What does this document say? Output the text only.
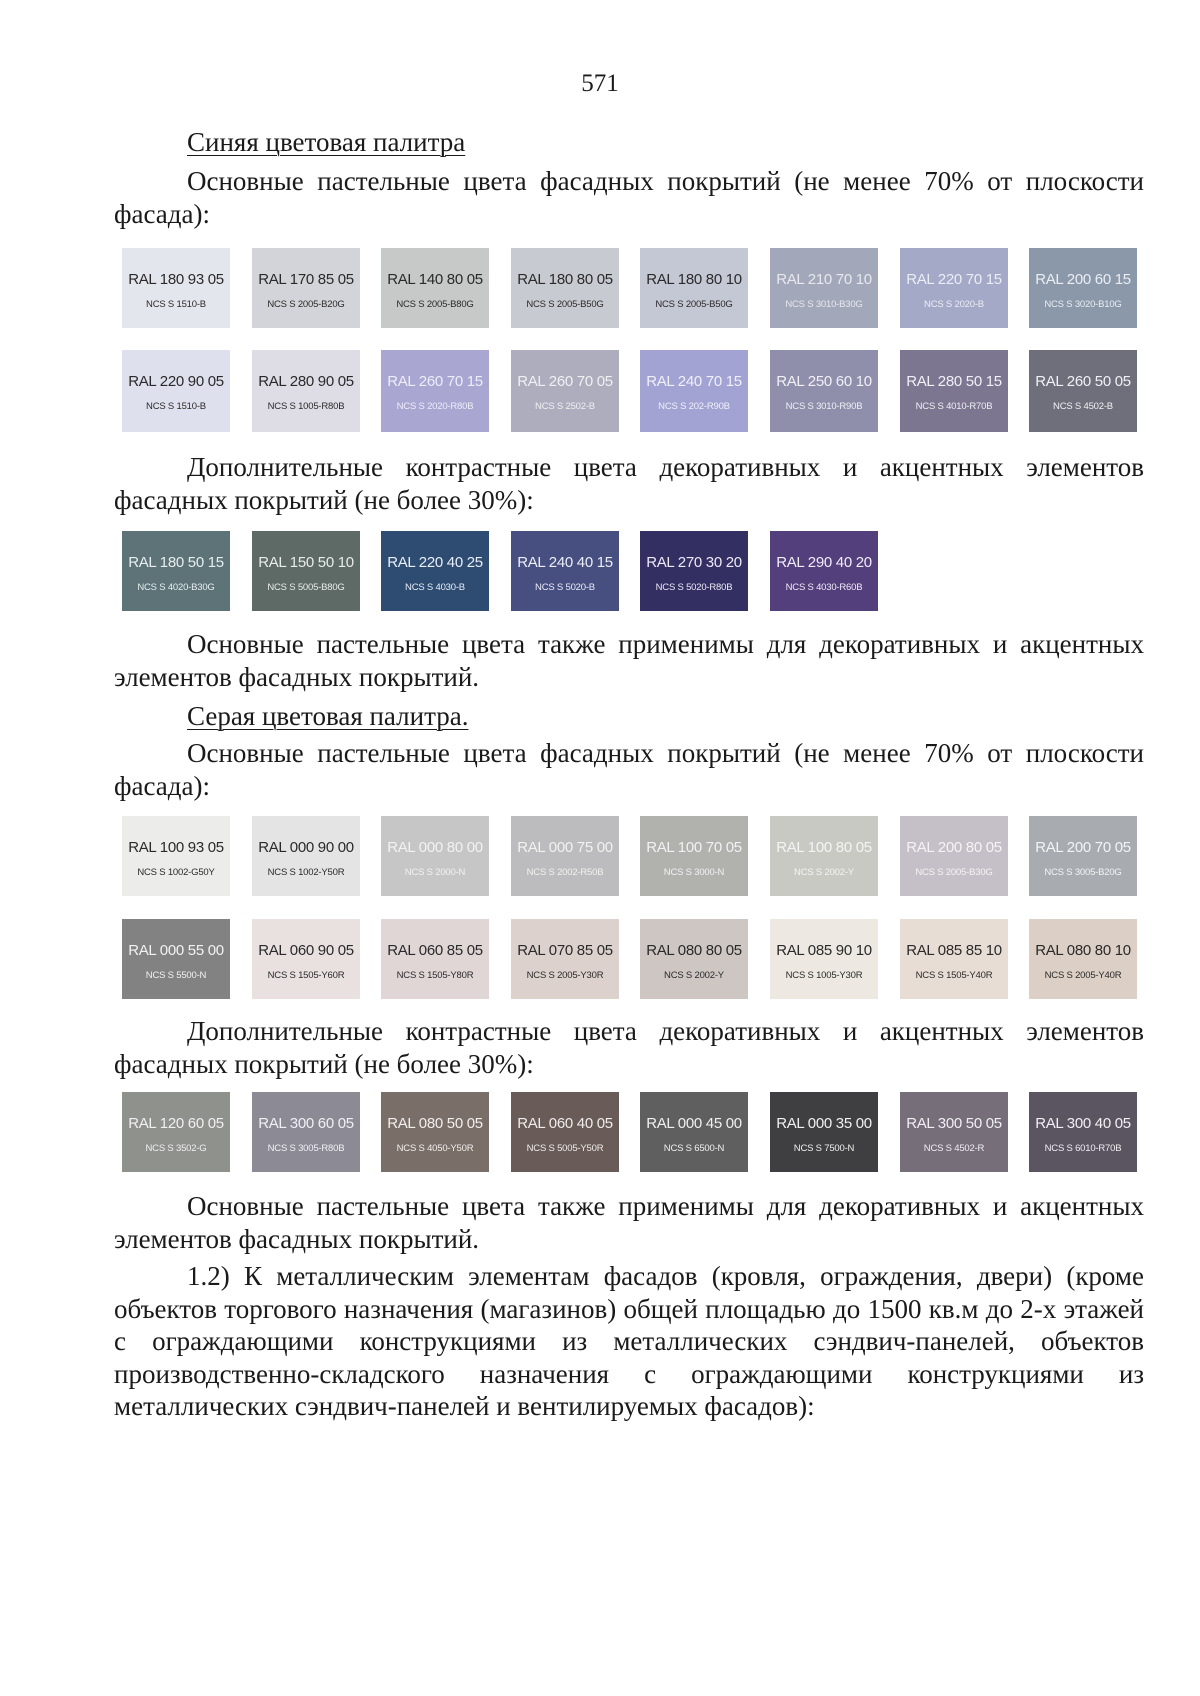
571
Синяя цветовая палитра

Основные пастельные цвета фасадных покрытий (не менее 70% от плоскости фасада):

RAL 180 93 05
NCS S 1510-B
RAL 170 85 05
NCS S 2005-B20G
RAL 140 80 05
NCS S 2005-B80G
RAL 180 80 05
NCS S 2005-B50G
RAL 180 80 10
NCS S 2005-B50G
RAL 210 70 10
NCS S 3010-B30G
RAL 220 70 15
NCS S 2020-B
RAL 200 60 15
NCS S 3020-B10G
RAL 220 90 05
NCS S 1510-B
RAL 280 90 05
NCS S 1005-R80B
RAL 260 70 15
NCS S 2020-R80B
RAL 260 70 05
NCS S 2502-B
RAL 240 70 15
NCS S 202-R90B
RAL 250 60 10
NCS S 3010-R90B
RAL 280 50 15
NCS S 4010-R70B
RAL 260 50 05
NCS S 4502-B

Дополнительные контрастные цвета декоративных и акцентных элементов фасадных покрытий (не более 30%):

RAL 180 50 15
NCS S 4020-B30G
RAL 150 50 10
NCS S 5005-B80G
RAL 220 40 25
NCS S 4030-B
RAL 240 40 15
NCS S 5020-B
RAL 270 30 20
NCS S 5020-R80B
RAL 290 40 20
NCS S 4030-R60B

Основные пастельные цвета также применимы для декоративных и акцентных элементов фасадных покрытий.

Серая цветовая палитра.

Основные пастельные цвета фасадных покрытий (не менее 70% от плоскости фасада):

RAL 100 93 05
NCS S 1002-G50Y
RAL 000 90 00
NCS S 1002-Y50R
RAL 000 80 00
NCS S 2000-N
RAL 000 75 00
NCS S 2002-R50B
RAL 100 70 05
NCS S 3000-N
RAL 100 80 05
NCS S 2002-Y
RAL 200 80 05
NCS S 2005-B30G
RAL 200 70 05
NCS S 3005-B20G
RAL 000 55 00
NCS S 5500-N
RAL 060 90 05
NCS S 1505-Y60R
RAL 060 85 05
NCS S 1505-Y80R
RAL 070 85 05
NCS S 2005-Y30R
RAL 080 80 05
NCS S 2002-Y
RAL 085 90 10
NCS S 1005-Y30R
RAL 085 85 10
NCS S 1505-Y40R
RAL 080 80 10
NCS S 2005-Y40R

Дополнительные контрастные цвета декоративных и акцентных элементов фасадных покрытий (не более 30%):

RAL 120 60 05
NCS S 3502-G
RAL 300 60 05
NCS S 3005-R80B
RAL 080 50 05
NCS S 4050-Y50R
RAL 060 40 05
NCS S 5005-Y50R
RAL 000 45 00
NCS S 6500-N
RAL 000 35 00
NCS S 7500-N
RAL 300 50 05
NCS S 4502-R
RAL 300 40 05
NCS S 6010-R70B

Основные пастельные цвета также применимы для декоративных и акцентных элементов фасадных покрытий.

1.2) К металлическим элементам фасадов (кровля, ограждения, двери) (кроме объектов торгового назначения (магазинов) общей площадью до 1500 кв.м до 2-х этажей с ограждающими конструкциями из металлических сэндвич-панелей, объектов производственно-складского назначения с ограждающими конструкциями из металлических сэндвич-панелей и вентилируемых фасадов):
